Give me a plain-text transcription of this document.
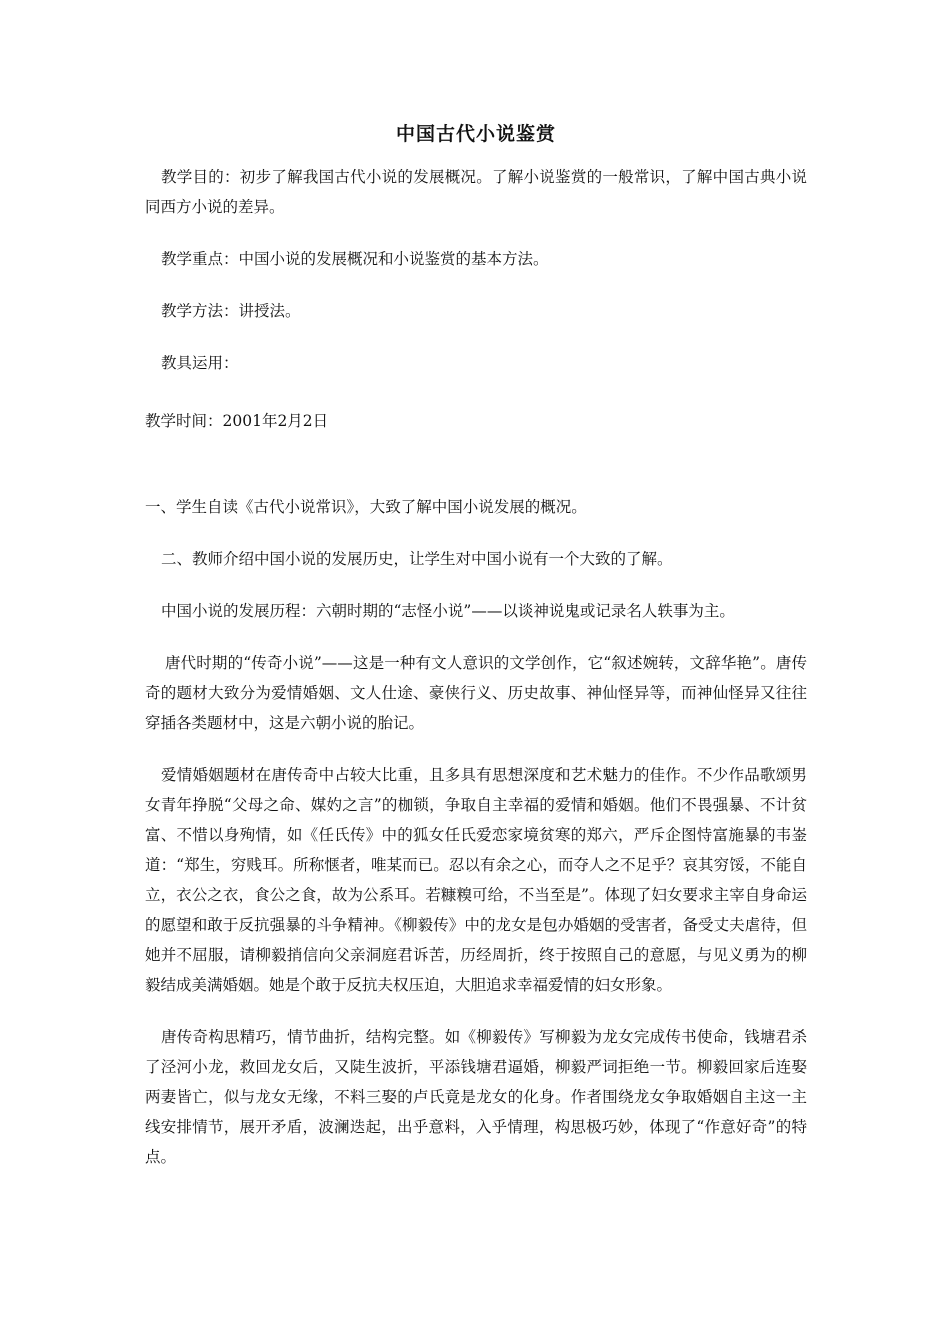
中国古代小说鉴赏

教学目的：初步了解我国古代小说的发展概况。了解小说鉴赏的一般常识，了解中国古典小说同西方小说的差异。

教学重点：中国小说的发展概况和小说鉴赏的基本方法。

教学方法：讲授法。

教具运用：

教学时间：2001年2月2日

一、学生自读《古代小说常识》，大致了解中国小说发展的概况。

二、教师介绍中国小说的发展历史，让学生对中国小说有一个大致的了解。

中国小说的发展历程：六朝时期的“志怪小说”——以谈神说鬼或记录名人轶事为主。

唐代时期的“传奇小说”——这是一种有文人意识的文学创作，它“叙述婉转，文辞华艳”。唐传奇的题材大致分为爱情婚姻、文人仕途、豪侠行义、历史故事、神仙怪异等，而神仙怪异又往往穿插各类题材中，这是六朝小说的胎记。

爱情婚姻题材在唐传奇中占较大比重，且多具有思想深度和艺术魅力的佳作。不少作品歌颂男女青年挣脱“父母之命、媒妁之言”的枷锁，争取自主幸福的爱情和婚姻。他们不畏强暴、不计贫富、不惜以身殉情，如《任氏传》中的狐女任氏爱恋家境贫寒的郑六，严斥企图恃富施暴的韦崟道：“郑生，穷贱耳。所称惬者，唯某而已。忍以有余之心，而夺人之不足乎？哀其穷馁，不能自立，衣公之衣，食公之食，故为公系耳。若糠糗可给，不当至是”。体现了妇女要求主宰自身命运的愿望和敢于反抗强暴的斗争精神。《柳毅传》中的龙女是包办婚姻的受害者，备受丈夫虐待，但她并不屈服，请柳毅捎信向父亲洞庭君诉苦，历经周折，终于按照自己的意愿，与见义勇为的柳毅结成美满婚姻。她是个敢于反抗夫权压迫，大胆追求幸福爱情的妇女形象。

唐传奇构思精巧，情节曲折，结构完整。如《柳毅传》写柳毅为龙女完成传书使命，钱塘君杀了泾河小龙，救回龙女后，又陡生波折，平添钱塘君逼婚，柳毅严词拒绝一节。柳毅回家后连娶两妻皆亡，似与龙女无缘，不料三娶的卢氏竟是龙女的化身。作者围绕龙女争取婚姻自主这一主线安排情节，展开矛盾，波澜迭起，出乎意料，入乎情理，构思极巧妙，体现了“作意好奇”的特点。
